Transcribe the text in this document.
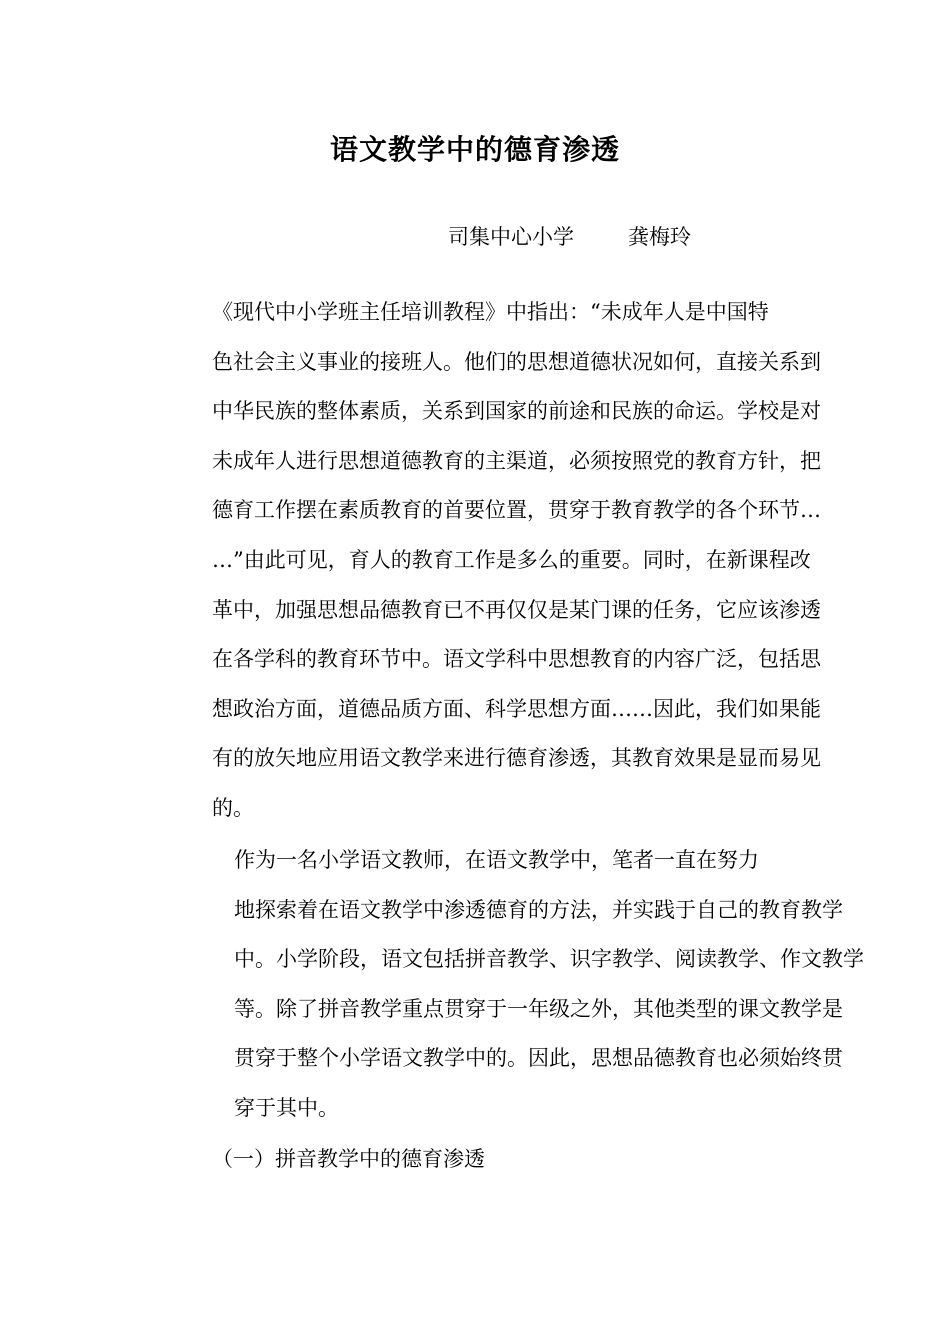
语文教学中的德育渗透
司集中心小学	龚梅玲
《现代中小学班主任培训教程》中指出：“未成年人是中国特
色社会主义事业的接班人。他们的思想道德状况如何，直接关系到
中华民族的整体素质，关系到国家的前途和民族的命运。学校是对
未成年人进行思想道德教育的主渠道，必须按照党的教育方针，把
德育工作摆在素质教育的首要位置，贯穿于教育教学的各个环节…
…”由此可见，育人的教育工作是多么的重要。同时，在新课程改
革中，加强思想品德教育已不再仅仅是某门课的任务，它应该渗透
在各学科的教育环节中。语文学科中思想教育的内容广泛，包括思
想政治方面，道德品质方面、科学思想方面……因此，我们如果能
有的放矢地应用语文教学来进行德育渗透，其教育效果是显而易见
的。
作为一名小学语文教师，在语文教学中，笔者一直在努力
地探索着在语文教学中渗透德育的方法，并实践于自己的教育教学
中。小学阶段，语文包括拼音教学、识字教学、阅读教学、作文教学
等。除了拼音教学重点贯穿于一年级之外，其他类型的课文教学是
贯穿于整个小学语文教学中的。因此，思想品德教育也必须始终贯
穿于其中。
（一）拼音教学中的德育渗透
